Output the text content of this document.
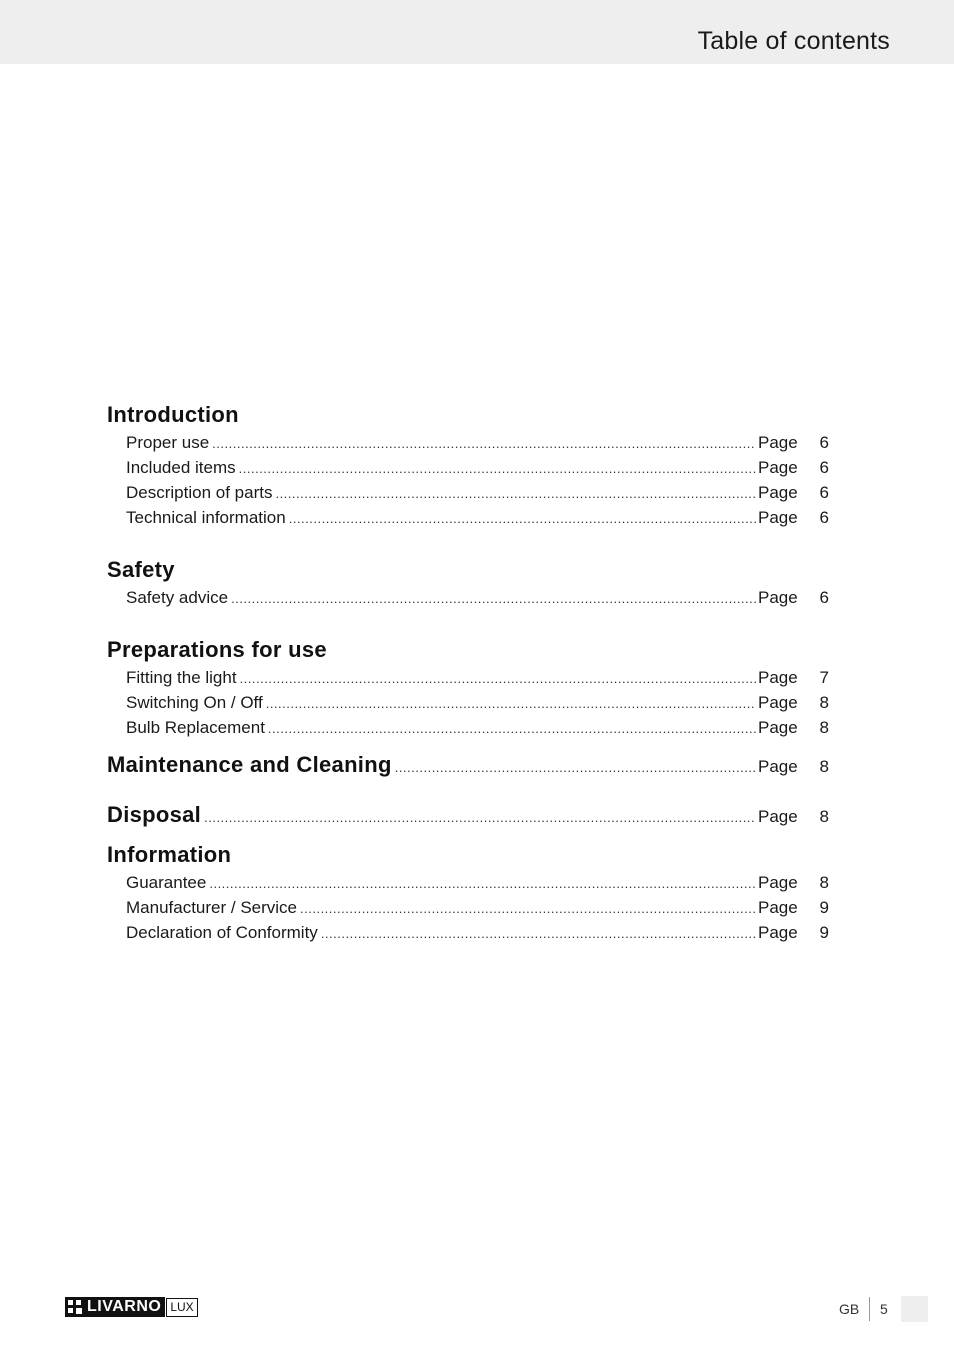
Table of contents
Introduction
Proper use .....	Page	6
Included items .....	Page	6
Description of parts .....	Page	6
Technical information .....	Page	6
Safety
Safety advice .....	Page	6
Preparations for use
Fitting the light .....	Page	7
Switching On / Off .....	Page	8
Bulb Replacement .....	Page	8
Maintenance and Cleaning .....	Page	8
Disposal .....	Page	8
Information
Guarantee .....	Page	8
Manufacturer / Service .....	Page	9
Declaration of Conformity .....	Page	9
LIVARNO LUX	GB 5
